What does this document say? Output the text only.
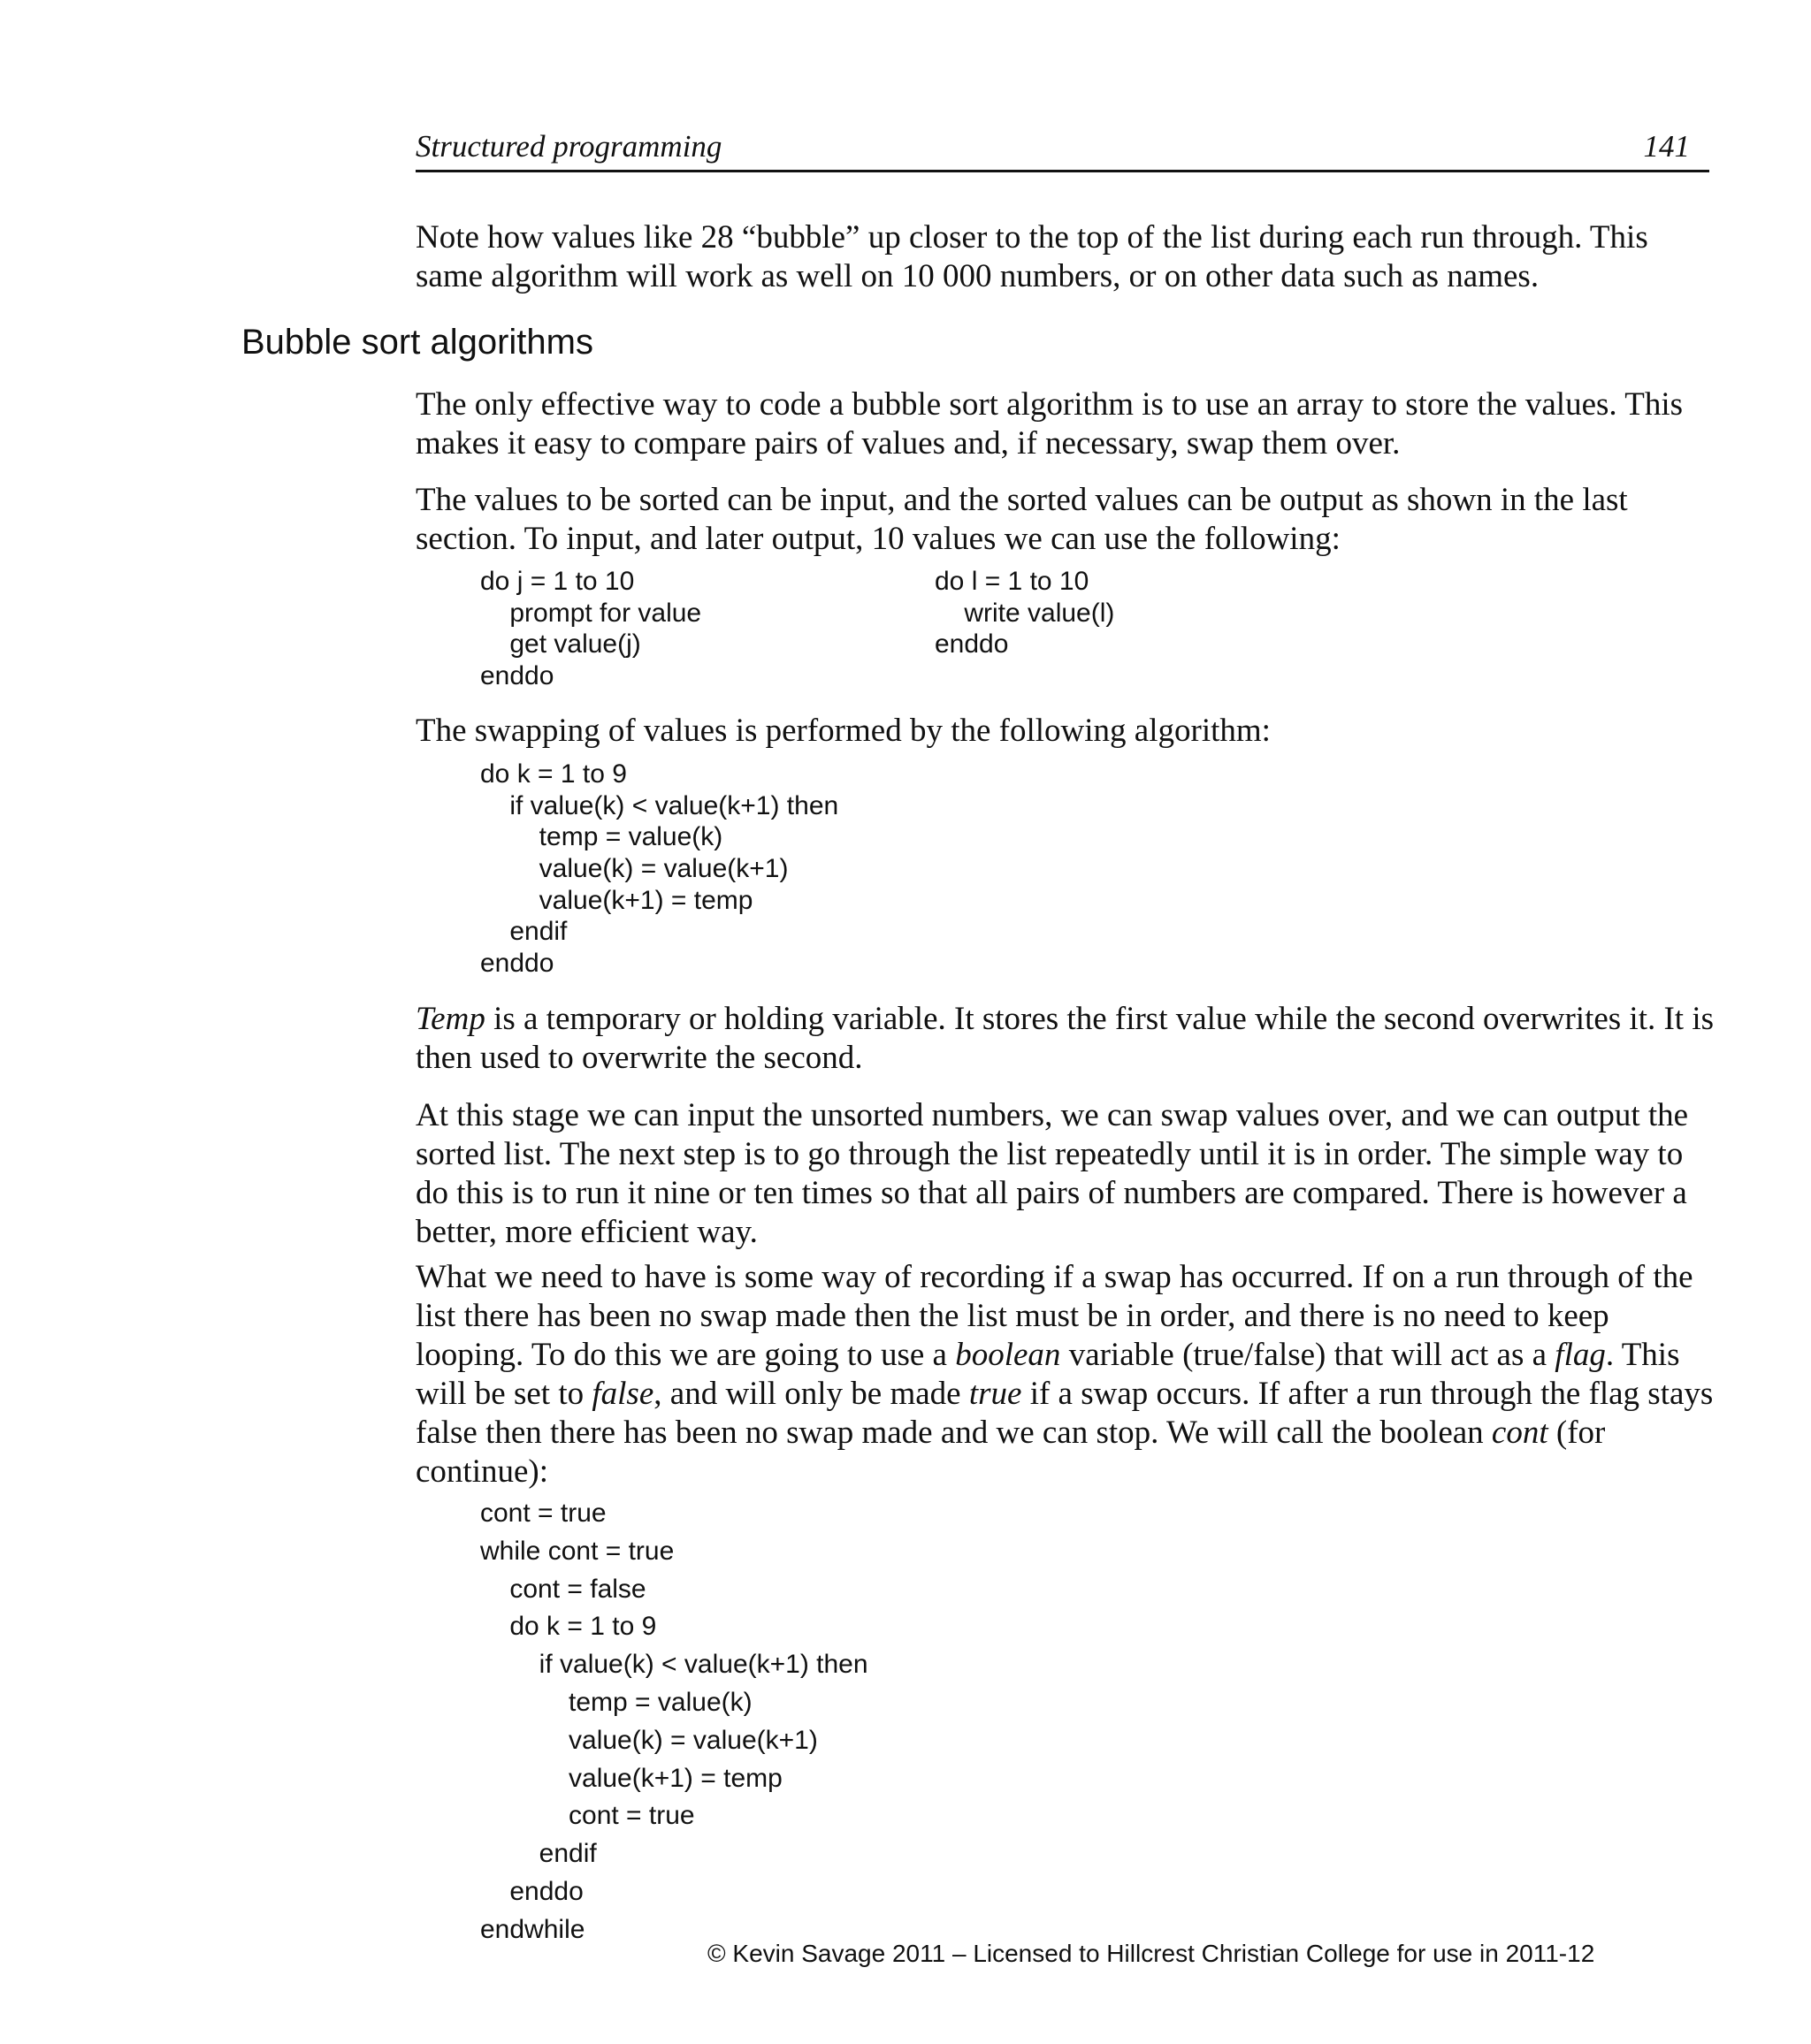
Structured programming	141

Note how values like 28 “bubble” up closer to the top of the list during each run through. This same algorithm will work as well on 10 000 numbers, or on other data such as names.

Bubble sort algorithms

The only effective way to code a bubble sort algorithm is to use an array to store the values. This makes it easy to compare pairs of values and, if necessary, swap them over.

The values to be sorted can be input, and the sorted values can be output as shown in the last section. To input, and later output, 10 values we can use the following:

do j = 1 to 10
prompt for value
get value(j)
enddo
do l = 1 to 10
write value(l)
enddo

The swapping of values is performed by the following algorithm:

do k = 1 to 9
if value(k) < value(k+1) then
temp = value(k)
value(k) = value(k+1)
value(k+1) = temp
endif
enddo

Temp is a temporary or holding variable. It stores the first value while the second overwrites it. It is then used to overwrite the second.

At this stage we can input the unsorted numbers, we can swap values over, and we can output the sorted list. The next step is to go through the list repeatedly until it is in order. The simple way to do this is to run it nine or ten times so that all pairs of numbers are compared. There is however a better, more efficient way.

What we need to have is some way of recording if a swap has occurred. If on a run through of the list there has been no swap made then the list must be in order, and there is no need to keep looping. To do this we are going to use a boolean variable (true/false) that will act as a flag. This will be set to false, and will only be made true if a swap occurs. If after a run through the flag stays false then there has been no swap made and we can stop. We will call the boolean cont (for continue):

cont = true
while cont = true
cont = false
do k = 1 to 9
if value(k) < value(k+1) then
temp = value(k)
value(k) = value(k+1)
value(k+1) = temp
cont = true
endif
enddo
endwhile
© Kevin Savage 2011 – Licensed to Hillcrest Christian College for use in 2011-12
